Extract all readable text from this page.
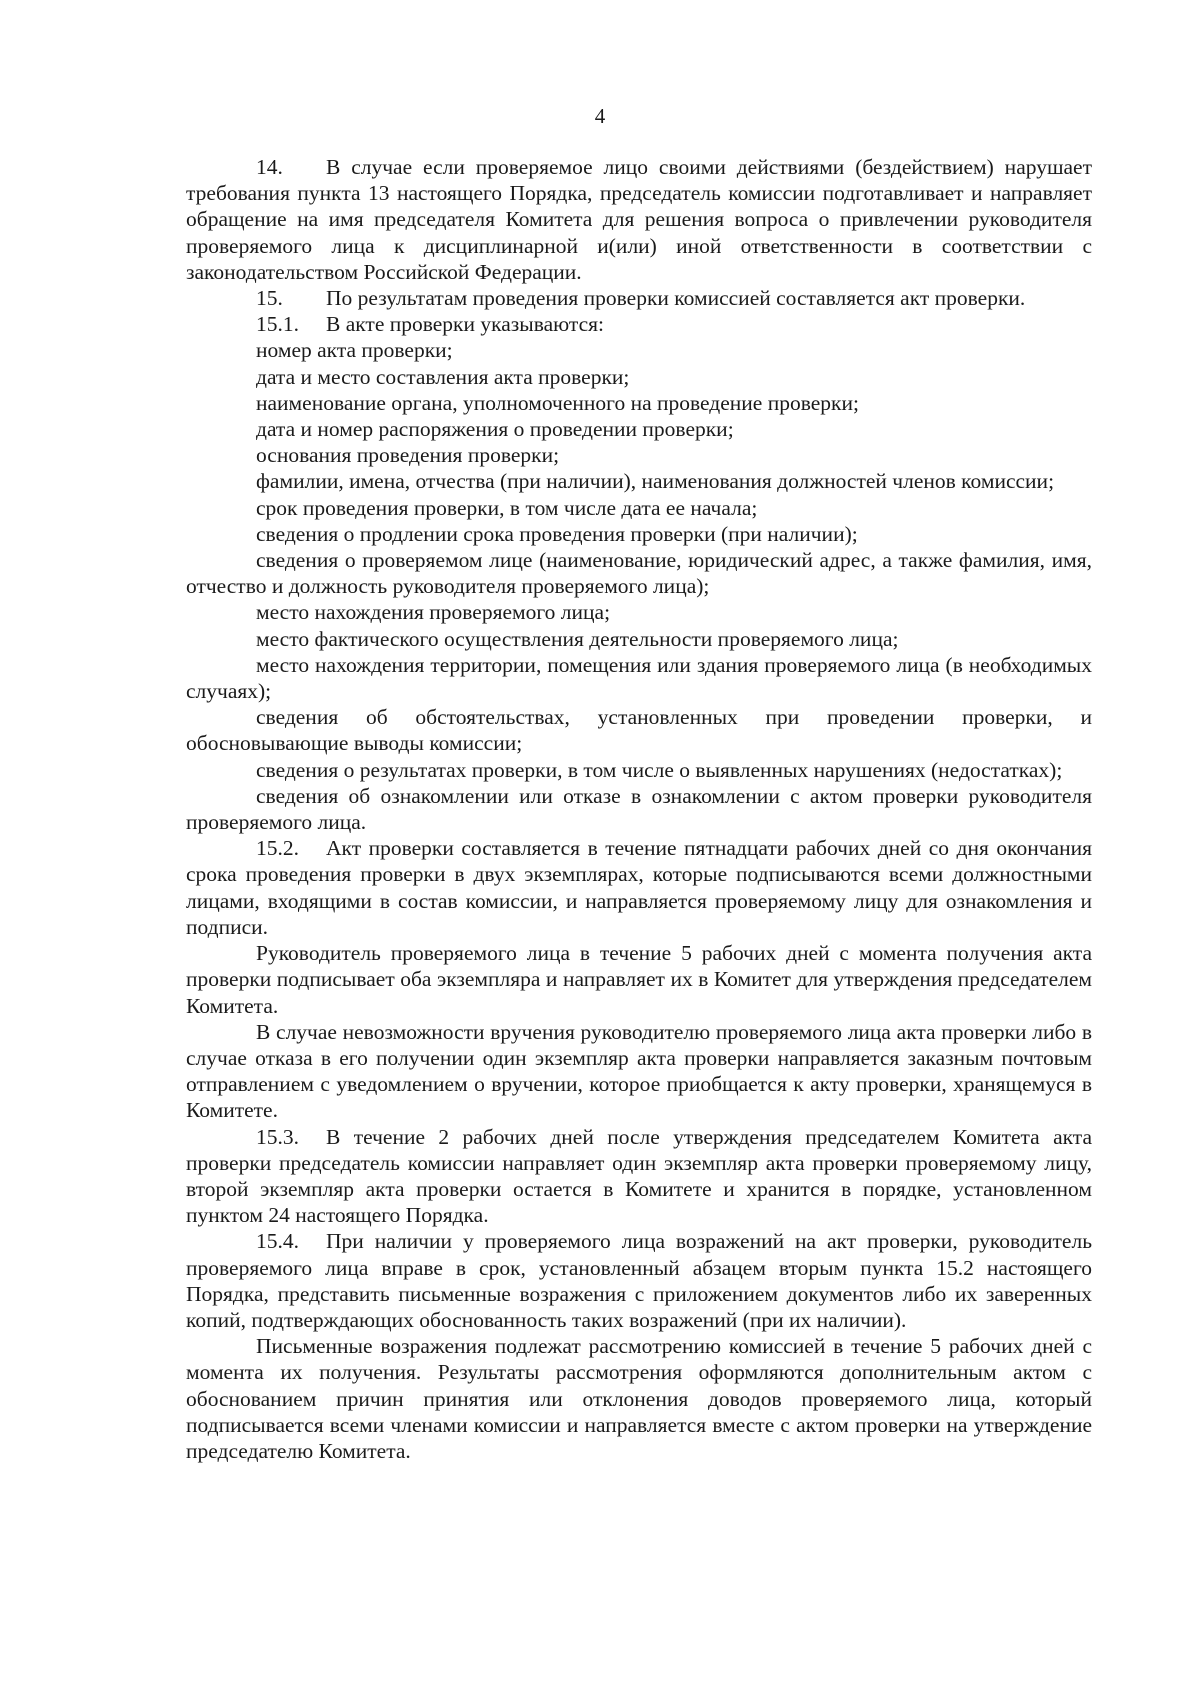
4

14. В случае если проверяемое лицо своими действиями (бездействием) нарушает требования пункта 13 настоящего Порядка, председатель комиссии подготавливает и направляет обращение на имя председателя Комитета для решения вопроса о привлечении руководителя проверяемого лица к дисциплинарной и(или) иной ответственности в соответствии с законодательством Российской Федерации.

15. По результатам проведения проверки комиссией составляется акт проверки.

15.1. В акте проверки указываются:

номер акта проверки;

дата и место составления акта проверки;

наименование органа, уполномоченного на проведение проверки;

дата и номер распоряжения о проведении проверки;

основания проведения проверки;

фамилии, имена, отчества (при наличии), наименования должностей членов комиссии;

срок проведения проверки, в том числе дата ее начала;

сведения о продлении срока проведения проверки (при наличии);

сведения о проверяемом лице (наименование, юридический адрес, а также фамилия, имя, отчество и должность руководителя проверяемого лица);

место нахождения проверяемого лица;

место фактического осуществления деятельности проверяемого лица;

место нахождения территории, помещения или здания проверяемого лица (в необходимых случаях);

сведения об обстоятельствах, установленных при проведении проверки, и обосновывающие выводы комиссии;

сведения о результатах проверки, в том числе о выявленных нарушениях (недостатках);

сведения об ознакомлении или отказе в ознакомлении с актом проверки руководителя проверяемого лица.

15.2. Акт проверки составляется в течение пятнадцати рабочих дней со дня окончания срока проведения проверки в двух экземплярах, которые подписываются всеми должностными лицами, входящими в состав комиссии, и направляется проверяемому лицу для ознакомления и подписи.

Руководитель проверяемого лица в течение 5 рабочих дней с момента получения акта проверки подписывает оба экземпляра и направляет их в Комитет для утверждения председателем Комитета.

В случае невозможности вручения руководителю проверяемого лица акта проверки либо в случае отказа в его получении один экземпляр акта проверки направляется заказным почтовым отправлением с уведомлением о вручении, которое приобщается к акту проверки, хранящемуся в Комитете.

15.3. В течение 2 рабочих дней после утверждения председателем Комитета акта проверки председатель комиссии направляет один экземпляр акта проверки проверяемому лицу, второй экземпляр акта проверки остается в Комитете и хранится в порядке, установленном пунктом 24 настоящего Порядка.

15.4. При наличии у проверяемого лица возражений на акт проверки, руководитель проверяемого лица вправе в срок, установленный абзацем вторым пункта 15.2 настоящего Порядка, представить письменные возражения с приложением документов либо их заверенных копий, подтверждающих обоснованность таких возражений (при их наличии).

Письменные возражения подлежат рассмотрению комиссией в течение 5 рабочих дней с момента их получения. Результаты рассмотрения оформляются дополнительным актом с обоснованием причин принятия или отклонения доводов проверяемого лица, который подписывается всеми членами комиссии и направляется вместе с актом проверки на утверждение председателю Комитета.
